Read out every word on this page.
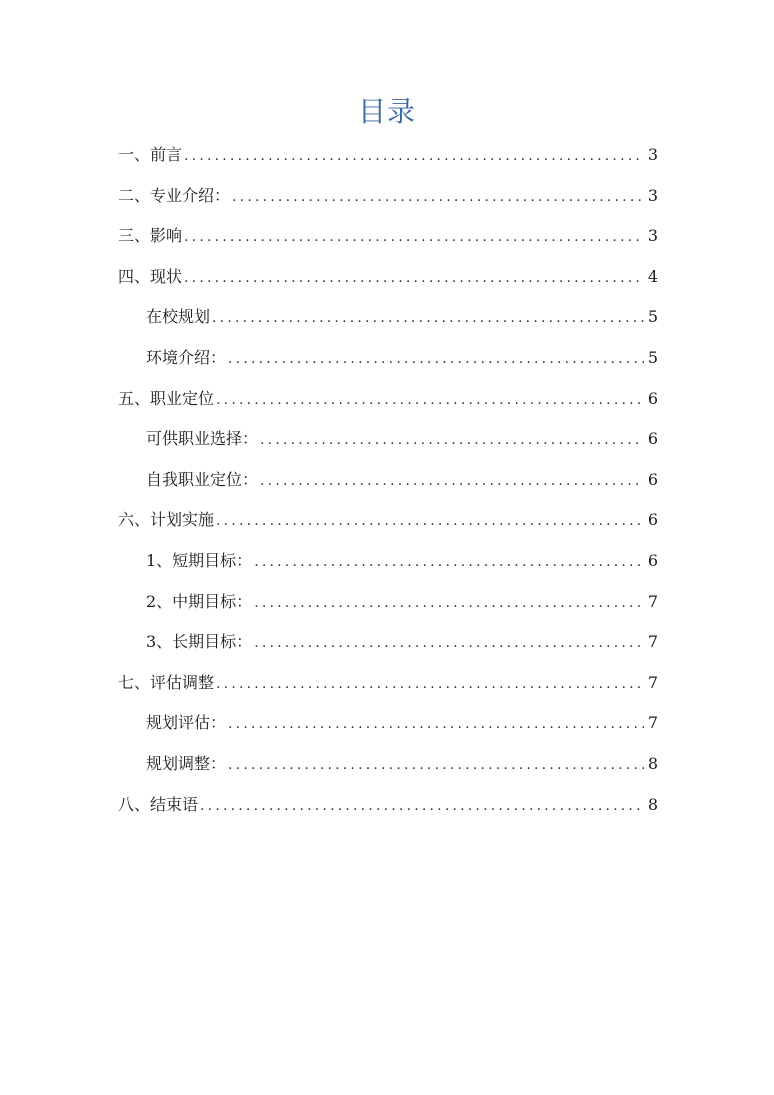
目录
一、前言 .....	3
二、专业介绍： .....	3
三、影响 .....	3
四、现状 .....	4
在校规划 .....	5
环境介绍： .....	5
五、职业定位 .....	6
可供职业选择： .....	6
自我职业定位： .....	6
六、计划实施 .....	6
1、短期目标： .....	6
2、中期目标： .....	7
3、长期目标： .....	7
七、评估调整 .....	7
规划评估： .....	7
规划调整： .....	8
八、结束语 .....	8
